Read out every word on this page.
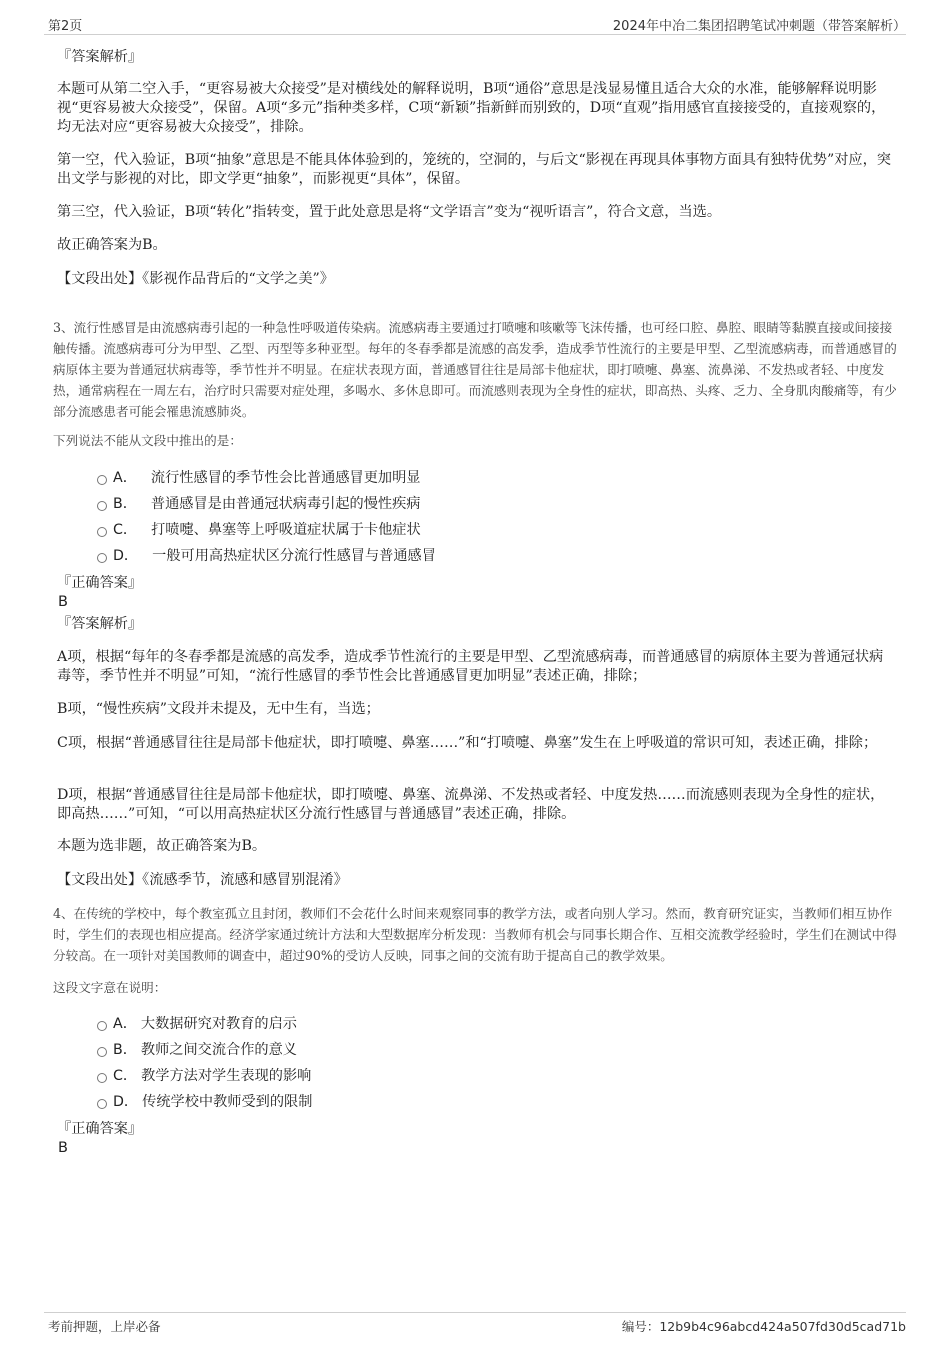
第2页	2024年中冶二集团招聘笔试冲刺题（带答案解析）
『答案解析』
本题可从第二空入手，“更容易被大众接受”是对横线处的解释说明，B项“通俗”意思是浅显易懂且适合大众的水准，能够解释说明影视“更容易被大众接受”，保留。A项“多元”指种类多样，C项“新颖”指新鲜而别致的，D项“直观”指用感官直接接受的，直接观察的，均无法对应“更容易被大众接受”，排除。
第一空，代入验证，B项“抽象”意思是不能具体体验到的，笼统的，空洞的，与后文“影视在再现具体事物方面具有独特优势”对应，突出文学与影视的对比，即文学更“抽象”，而影视更“具体”，保留。
第三空，代入验证，B项“转化”指转变，置于此处意思是将“文学语言”变为“视听语言”，符合文意，当选。
故正确答案为B。
【文段出处】《影视作品背后的“文学之美”》
3、流行性感冒是由流感病毒引起的一种急性呼吸道传染病。流感病毒主要通过打喷嚏和咳嗽等飞沫传播，也可经口腔、鼻腔、眼睛等黏膜直接或间接接触传播。流感病毒可分为甲型、乙型、丙型等多种亚型。每年的冬春季都是流感的高发季，造成季节性流行的主要是甲型、乙型流感病毒，而普通感冒的病原体主要为普通冠状病毒等，季节性并不明显。在症状表现方面，普通感冒往往是局部卡他症状，即打喷嚏、鼻塞、流鼻涕、不发热或者轻、中度发热，通常病程在一周左右，治疗时只需要对症处理，多喝水、多休息即可。而流感则表现为全身性的症状，即高热、头疼、乏力、全身肌肉酸痛等，有少部分流感患者可能会罹患流感肺炎。
下列说法不能从文段中推出的是：
A． 流行性感冒的季节性会比普通感冒更加明显
B． 普通感冒是由普通冠状病毒引起的慢性疾病
C． 打喷嚏、鼻塞等上呼吸道症状属于卡他症状
D． 一般可用高热症状区分流行性感冒与普通感冒
『正确答案』
B
『答案解析』
A项，根据“每年的冬春季都是流感的高发季，造成季节性流行的主要是甲型、乙型流感病毒，而普通感冒的病原体主要为普通冠状病毒等，季节性并不明显”可知，“流行性感冒的季节性会比普通感冒更加明显”表述正确，排除；
B项，“慢性疾病”文段并未提及，无中生有，当选；
C项，根据“普通感冒往往是局部卡他症状，即打喷嚏、鼻塞……”和“打喷嚏、鼻塞”发生在上呼吸道的常识可知，表述正确，排除；
D项，根据“普通感冒往往是局部卡他症状，即打喷嚏、鼻塞、流鼻涕、不发热或者轻、中度发热……而流感则表现为全身性的症状，即高热……”可知，“可以用高热症状区分流行性感冒与普通感冒”表述正确，排除。
本题为选非题，故正确答案为B。
【文段出处】《流感季节，流感和感冒别混淆》
4、在传统的学校中，每个教室孤立且封闭，教师们不会花什么时间来观察同事的教学方法，或者向别人学习。然而，教育研究证实，当教师们相互协作时，学生们的表现也相应提高。经济学家通过统计方法和大型数据库分析发现：当教师有机会与同事长期合作、互相交流教学经验时，学生们在测试中得分较高。在一项针对美国教师的调查中，超过90%的受访人反映，同事之间的交流有助于提高自己的教学效果。
这段文字意在说明：
A． 大数据研究对教育的启示
B． 教师之间交流合作的意义
C． 教学方法对学生表现的影响
D． 传统学校中教师受到的限制
『正确答案』
B
考前押题，上岸必备	编号：12b9b4c96abcd424a507fd30d5cad71b
